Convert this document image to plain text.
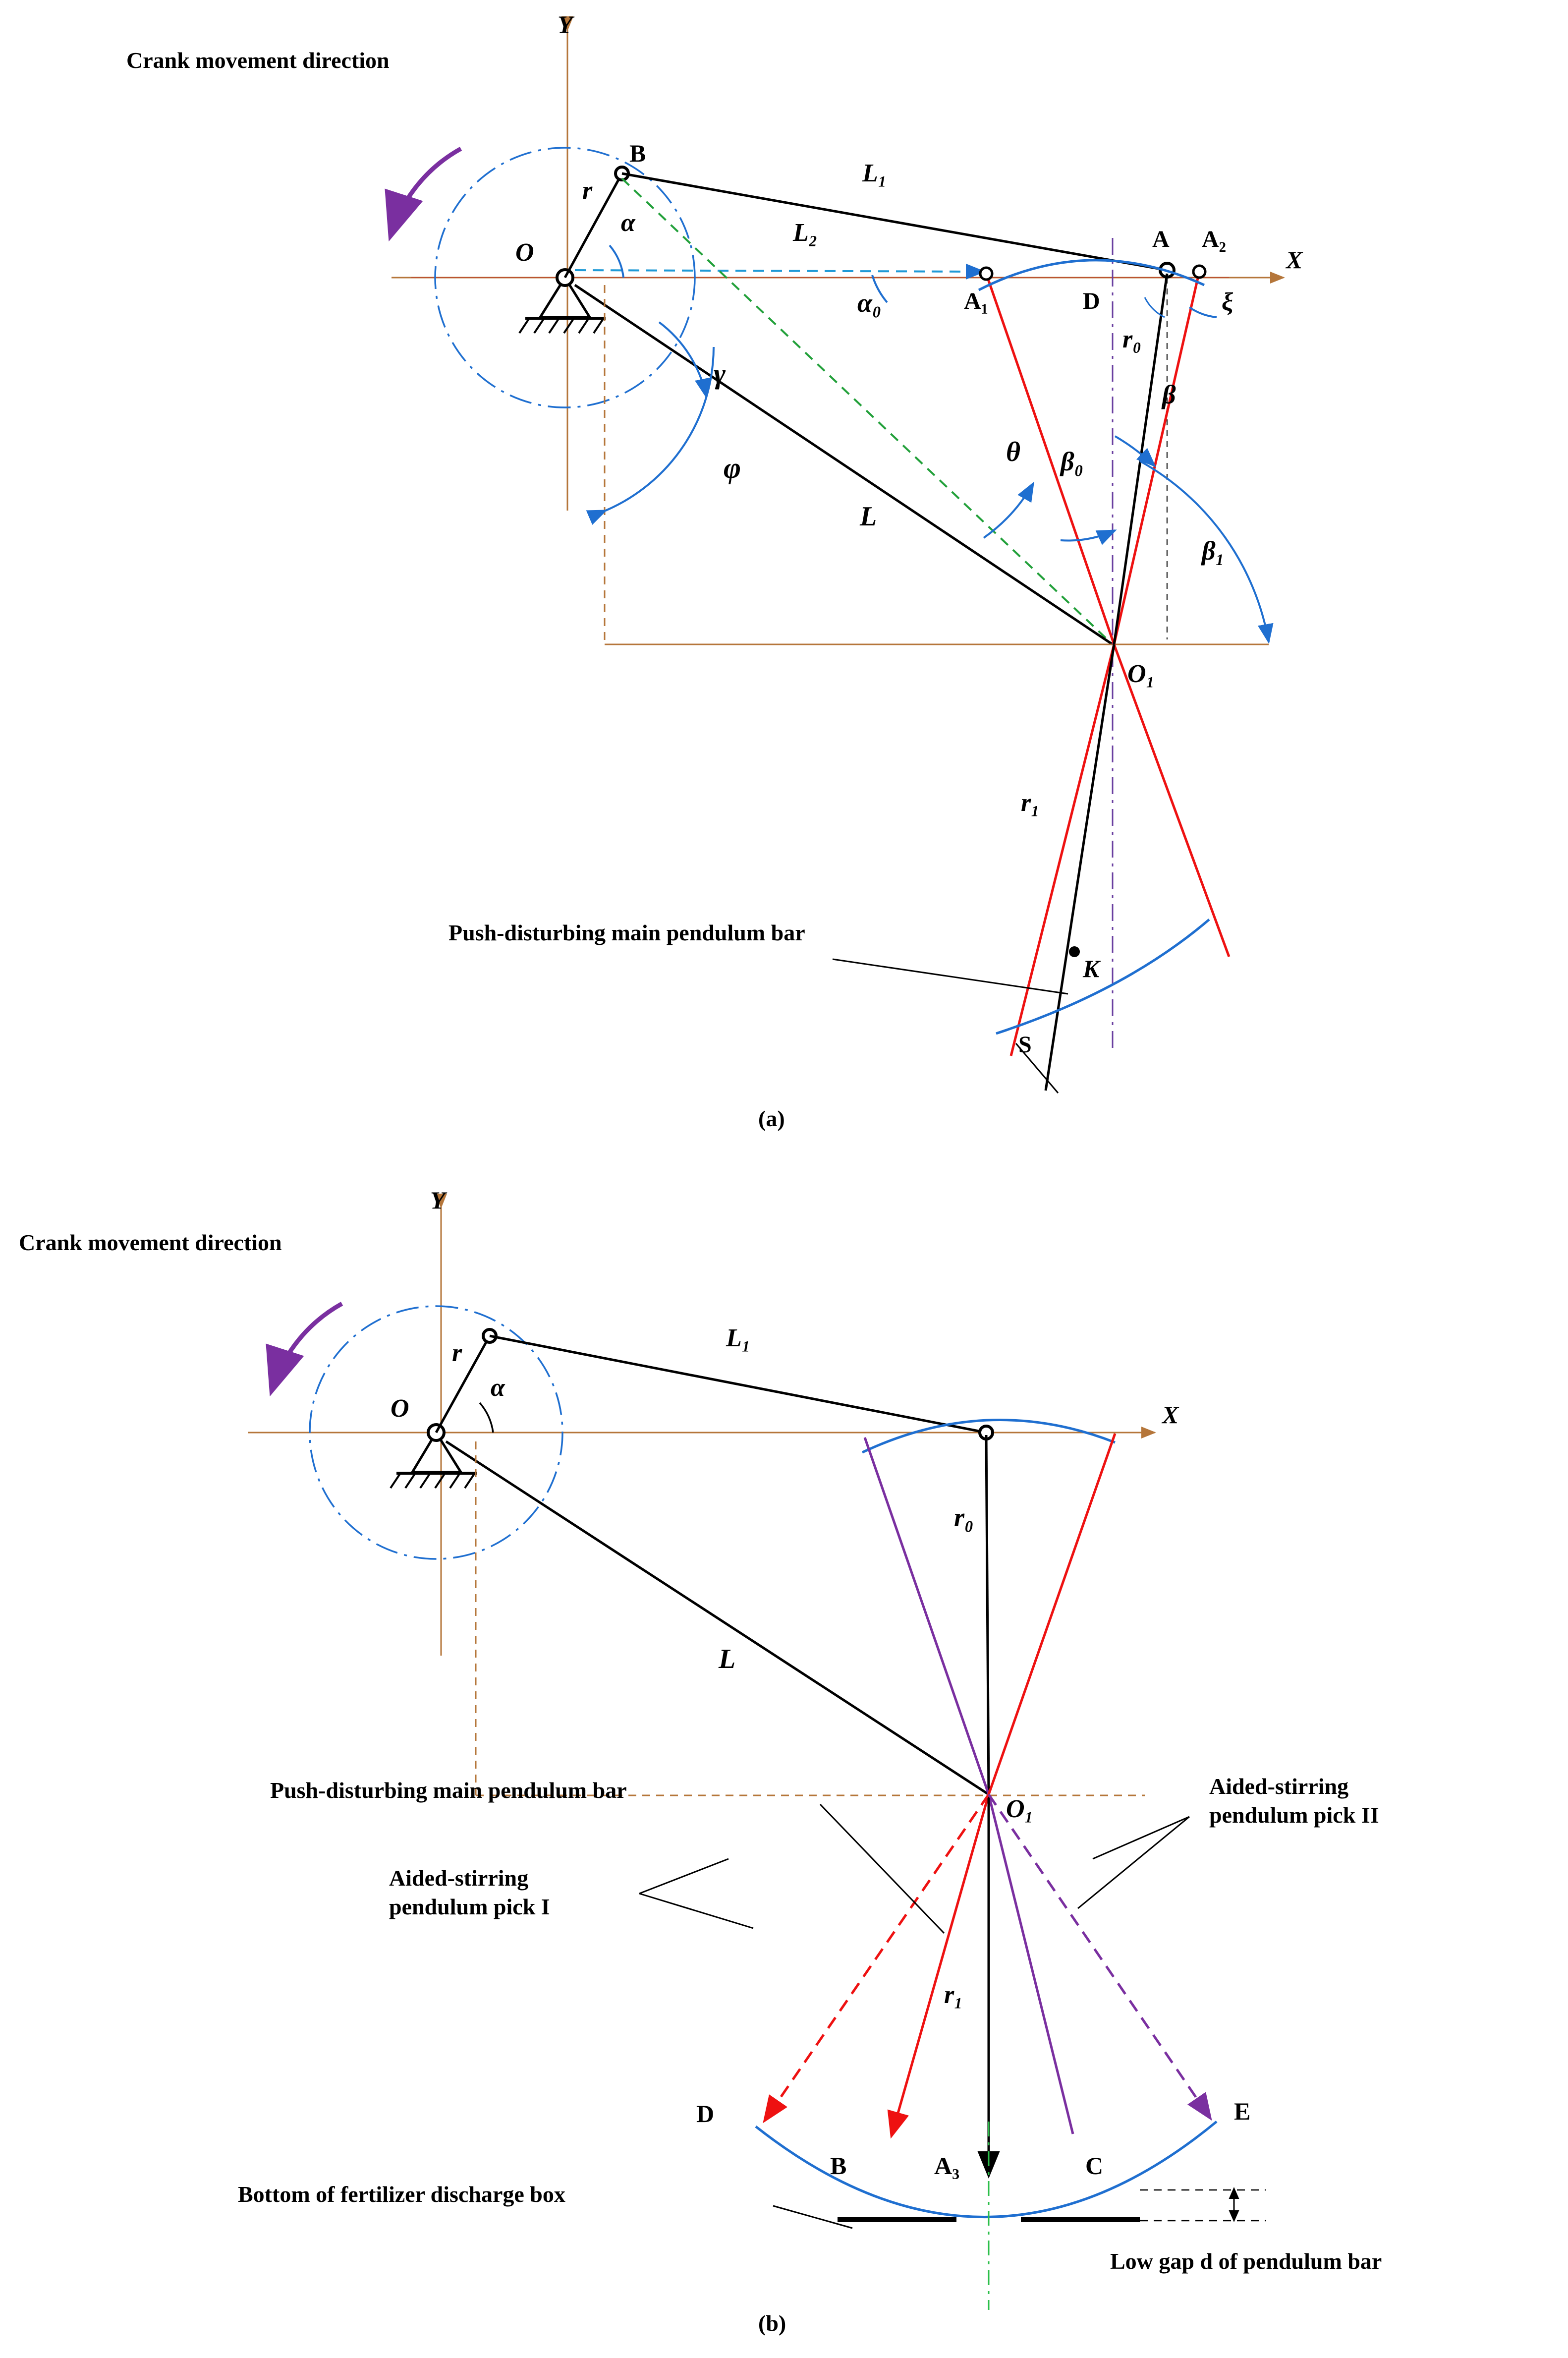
Crank movement direction
Y
X
O
B
r
α
L₁
L₂
α₀	A₁
A A₂
D
r₀
ξ
γ
φ
L
θ β₀
β
β₁
O₁
r₁
K
S
Push-disturbing main pendulum bar
(a)
Crank movement direction
Y
X
O
r
α
L₁
r₀
L
O₁
r₁
Push-disturbing main pendulum bar
Aided-stirring
pendulum pick I
Aided-stirring
pendulum pick II
D
B	A₃	C
E
Bottom of fertilizer discharge box
Low gap d of pendulum bar
(b)
